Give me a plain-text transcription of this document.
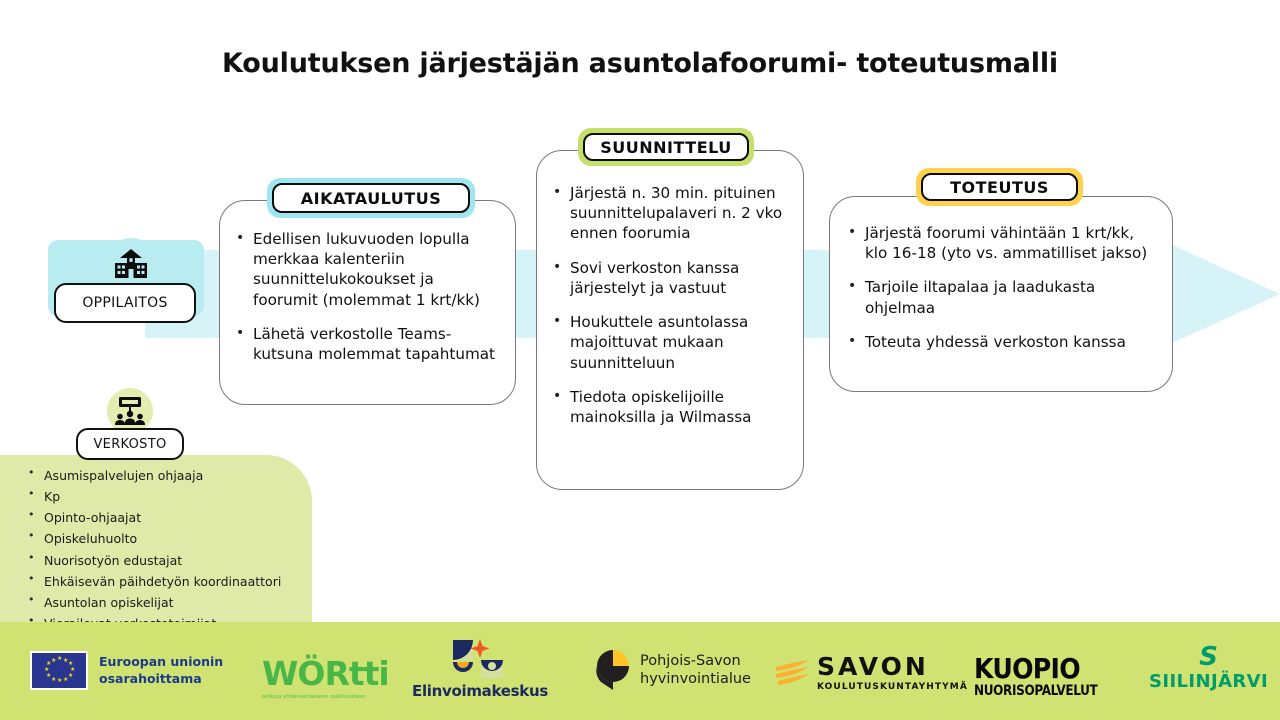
Koulutuksen järjestäjän asuntolafoorumi- toteutusmalli
• Asumispalvelujen ohjaaja
• Kp
• Opinto-ohjaajat
• Opiskeluhuolto
• Nuorisotyön edustajat
• Ehkäisevän päihdetyön koordinaattori
• Asuntolan opiskelijat
•
OPPILAITOS
VERKOSTO
• Edellisen lukuvuoden lopulla merkkaa kalenteriin suunnittelukokoukset ja foorumit (molemmat 1 krt/kk)
• Lähetä verkostolle Teams-kutsuna molemmat tapahtumat
AIKATAULUTUS	• Järjestä n. 30 min. pituinen suunnittelupalaveri n. 2 vko ennen foorumia
• Sovi verkoston kanssa järjestelyt ja vastuut
• Houkuttele asuntolassa majoittuvat mukaan suunnitteluun
• Tiedota opiskelijoille mainoksilla ja Wilmassa
SUUNNITTELU
• Järjestä foorumi vähintään 1 krt/kk, klo 16-18 (yto vs. ammatilliset jakso)
• Tarjoile iltapalaa ja laadukasta ohjelmaa
• Toteuta yhdessä verkoston kanssa
TOTEUTUS
★ ★ ★
★
★
★
★
★
★
★
★ ★	Euroopan unionin
osarahoittama	WÖRtti
polkuja yhdenvertaiseen osallisuuteen	Elinvoimakeskus
Pohjois-Savon
hyvinvointialue	SAVON
KOULUTUSKUNTAYHTYMÄ
KUOPIO
NUORISOPALVELUT
S
SIILINJÄRVI
